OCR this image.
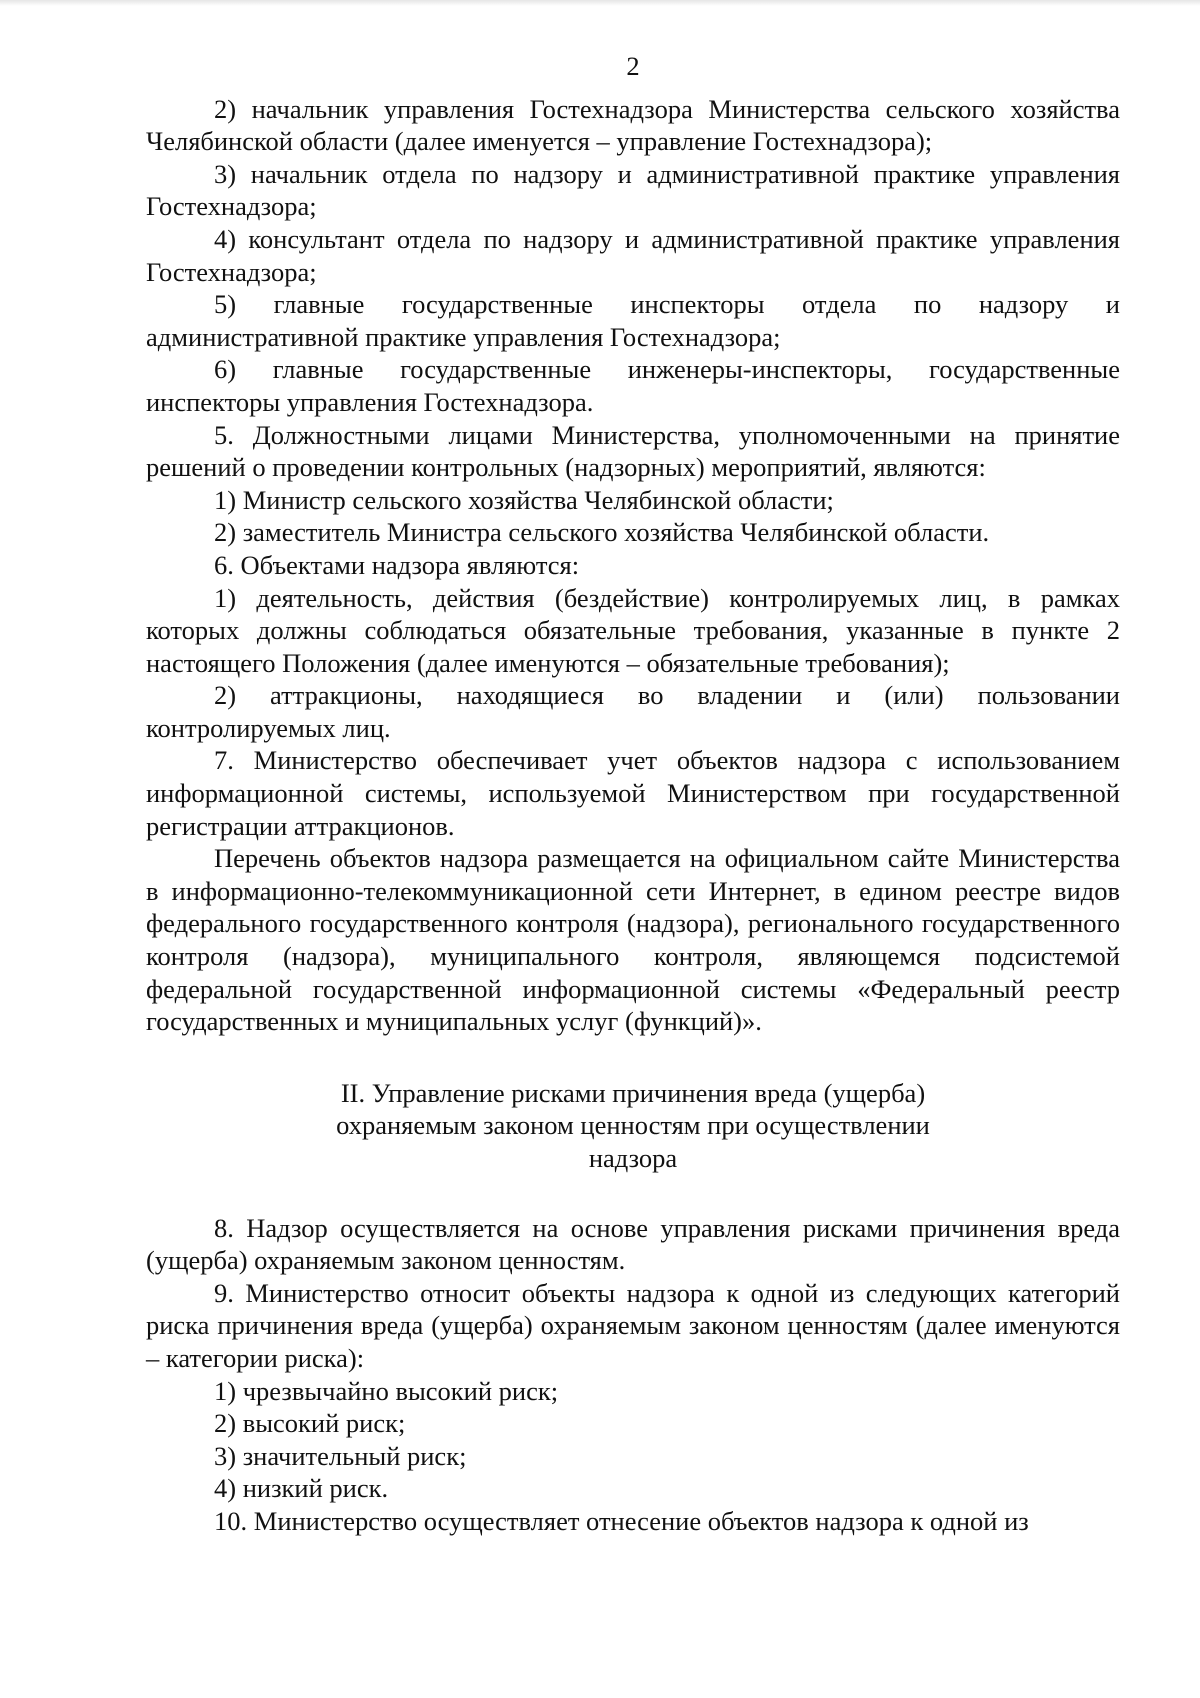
2

2) начальник управления Гостехнадзора Министерства сельского хозяйства Челябинской области (далее именуется – управление Гостехнадзора);

3) начальник отдела по надзору и административной практике управления Гостехнадзора;

4) консультант отдела по надзору и административной практике управления Гостехнадзора;

5) главные государственные инспекторы отдела по надзору и административной практике управления Гостехнадзора;

6) главные государственные инженеры-инспекторы, государственные инспекторы управления Гостехнадзора.

5. Должностными лицами Министерства, уполномоченными на принятие решений о проведении контрольных (надзорных) мероприятий, являются:

1) Министр сельского хозяйства Челябинской области;

2) заместитель Министра сельского хозяйства Челябинской области.

6. Объектами надзора являются:

1) деятельность, действия (бездействие) контролируемых лиц, в рамках которых должны соблюдаться обязательные требования, указанные в пункте 2 настоящего Положения (далее именуются – обязательные требования);

2) аттракционы, находящиеся во владении и (или) пользовании контролируемых лиц.

7. Министерство обеспечивает учет объектов надзора с использованием информационной системы, используемой Министерством при государственной регистрации аттракционов.

Перечень объектов надзора размещается на официальном сайте Министерства в информационно-телекоммуникационной сети Интернет, в едином реестре видов федерального государственного контроля (надзора), регионального государственного контроля (надзора), муниципального контроля, являющемся подсистемой федеральной государственной информационной системы «Федеральный реестр государственных и муниципальных услуг (функций)».

II. Управление рисками причинения вреда (ущерба)
охраняемым законом ценностям при осуществлении
надзора

8. Надзор осуществляется на основе управления рисками причинения вреда (ущерба) охраняемым законом ценностям.

9. Министерство относит объекты надзора к одной из следующих категорий риска причинения вреда (ущерба) охраняемым законом ценностям (далее именуются – категории риска):

1) чрезвычайно высокий риск;

2) высокий риск;

3) значительный риск;

4) низкий риск.

10. Министерство осуществляет отнесение объектов надзора к одной из
